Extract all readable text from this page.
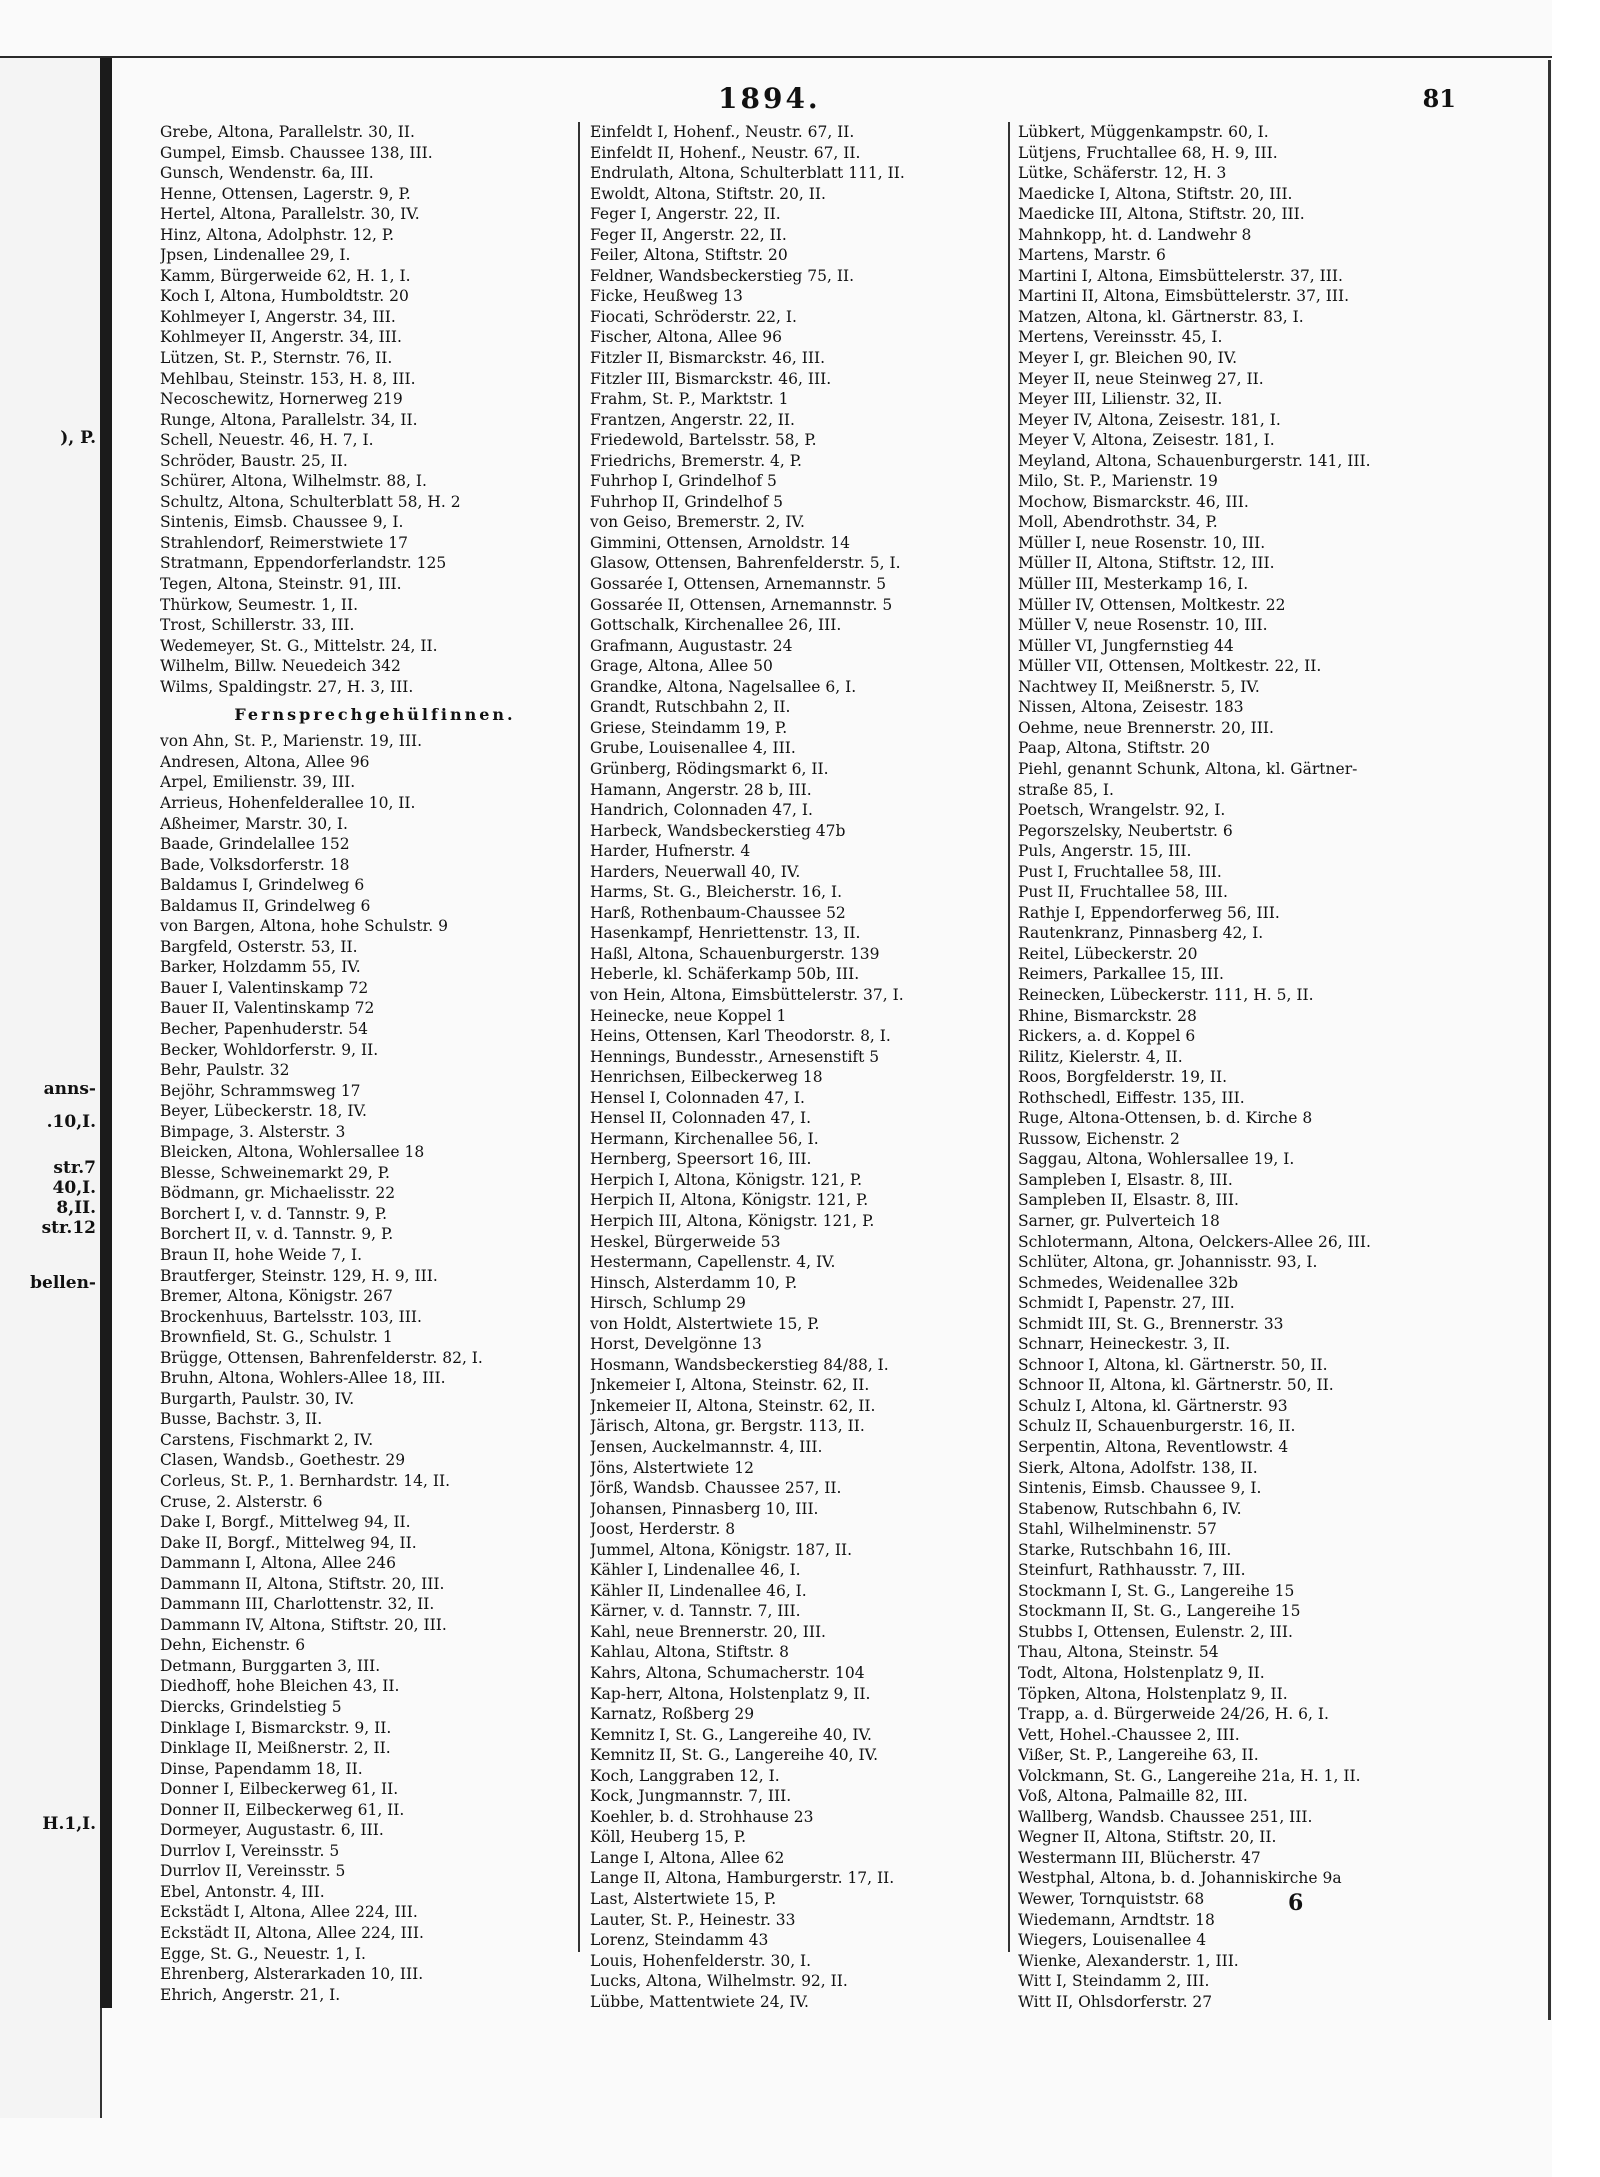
), P.
anns-
.10,I.
str.7
40,I.
8,II.
str.12
bellen-
H.1,I.
1894.	81
Grebe, Altona, Parallelstr. 30, II.
Gumpel, Eimsb. Chaussee 138, III.
Gunsch, Wendenstr. 6a, III.
Henne, Ottensen, Lagerstr. 9, P.
Hertel, Altona, Parallelstr. 30, IV.
Hinz, Altona, Adolphstr. 12, P.
Jpsen, Lindenallee 29, I.
Kamm, Bürgerweide 62, H. 1, I.
Koch I, Altona, Humboldtstr. 20
Kohlmeyer I, Angerstr. 34, III.
Kohlmeyer II, Angerstr. 34, III.
Lützen, St. P., Sternstr. 76, II.
Mehlbau, Steinstr. 153, H. 8, III.
Necoschewitz, Hornerweg 219
Runge, Altona, Parallelstr. 34, II.
Schell, Neuestr. 46, H. 7, I.
Schröder, Baustr. 25, II.
Schürer, Altona, Wilhelmstr. 88, I.
Schultz, Altona, Schulterblatt 58, H. 2
Sintenis, Eimsb. Chaussee 9, I.
Strahlendorf, Reimerstwiete 17
Stratmann, Eppendorferlandstr. 125
Tegen, Altona, Steinstr. 91, III.
Thürkow, Seumestr. 1, II.
Trost, Schillerstr. 33, III.
Wedemeyer, St. G., Mittelstr. 24, II.
Wilhelm, Billw. Neuedeich 342
Wilms, Spaldingstr. 27, H. 3, III.
Fernsprechgehülfinnen.
von Ahn, St. P., Marienstr. 19, III.
Andresen, Altona, Allee 96
Arpel, Emilienstr. 39, III.
Arrieus, Hohenfelderallee 10, II.
Aßheimer, Marstr. 30, I.
Baade, Grindelallee 152
Bade, Volksdorferstr. 18
Baldamus I, Grindelweg 6
Baldamus II, Grindelweg 6
von Bargen, Altona, hohe Schulstr. 9
Bargfeld, Osterstr. 53, II.
Barker, Holzdamm 55, IV.
Bauer I, Valentinskamp 72
Bauer II, Valentinskamp 72
Becher, Papenhuderstr. 54
Becker, Wohldorferstr. 9, II.
Behr, Paulstr. 32
Bejöhr, Schrammsweg 17
Beyer, Lübeckerstr. 18, IV.
Bimpage, 3. Alsterstr. 3
Bleicken, Altona, Wohlersallee 18
Blesse, Schweinemarkt 29, P.
Bödmann, gr. Michaelisstr. 22
Borchert I, v. d. Tannstr. 9, P.
Borchert II, v. d. Tannstr. 9, P.
Braun II, hohe Weide 7, I.
Brautferger, Steinstr. 129, H. 9, III.
Bremer, Altona, Königstr. 267
Brockenhuus, Bartelsstr. 103, III.
Brownfield, St. G., Schulstr. 1
Brügge, Ottensen, Bahrenfelderstr. 82, I.
Bruhn, Altona, Wohlers-Allee 18, III.
Burgarth, Paulstr. 30, IV.
Busse, Bachstr. 3, II.
Carstens, Fischmarkt 2, IV.
Clasen, Wandsb., Goethestr. 29
Corleus, St. P., 1. Bernhardstr. 14, II.
Cruse, 2. Alsterstr. 6
Dake I, Borgf., Mittelweg 94, II.
Dake II, Borgf., Mittelweg 94, II.
Dammann I, Altona, Allee 246
Dammann II, Altona, Stiftstr. 20, III.
Dammann III, Charlottenstr. 32, II.
Dammann IV, Altona, Stiftstr. 20, III.
Dehn, Eichenstr. 6
Detmann, Burggarten 3, III.
Diedhoff, hohe Bleichen 43, II.
Diercks, Grindelstieg 5
Dinklage I, Bismarckstr. 9, II.
Dinklage II, Meißnerstr. 2, II.
Dinse, Papendamm 18, II.
Donner I, Eilbeckerweg 61, II.
Donner II, Eilbeckerweg 61, II.
Dormeyer, Augustastr. 6, III.
Durrlov I, Vereinsstr. 5
Durrlov II, Vereinsstr. 5
Ebel, Antonstr. 4, III.
Eckstädt I, Altona, Allee 224, III.
Eckstädt II, Altona, Allee 224, III.
Egge, St. G., Neuestr. 1, I.
Ehrenberg, Alsterarkaden 10, III.
Ehrich, Angerstr. 21, I.
Einfeldt I, Hohenf., Neustr. 67, II.
Einfeldt II, Hohenf., Neustr. 67, II.
Endrulath, Altona, Schulterblatt 111, II.
Ewoldt, Altona, Stiftstr. 20, II.
Feger I, Angerstr. 22, II.
Feger II, Angerstr. 22, II.
Feiler, Altona, Stiftstr. 20
Feldner, Wandsbeckerstieg 75, II.
Ficke, Heußweg 13
Fiocati, Schröderstr. 22, I.
Fischer, Altona, Allee 96
Fitzler II, Bismarckstr. 46, III.
Fitzler III, Bismarckstr. 46, III.
Frahm, St. P., Marktstr. 1
Frantzen, Angerstr. 22, II.
Friedewold, Bartelsstr. 58, P.
Friedrichs, Bremerstr. 4, P.
Fuhrhop I, Grindelhof 5
Fuhrhop II, Grindelhof 5
von Geiso, Bremerstr. 2, IV.
Gimmini, Ottensen, Arnoldstr. 14
Glasow, Ottensen, Bahrenfelderstr. 5, I.
Gossarée I, Ottensen, Arnemannstr. 5
Gossarée II, Ottensen, Arnemannstr. 5
Gottschalk, Kirchenallee 26, III.
Grafmann, Augustastr. 24
Grage, Altona, Allee 50
Grandke, Altona, Nagelsallee 6, I.
Grandt, Rutschbahn 2, II.
Griese, Steindamm 19, P.
Grube, Louisenallee 4, III.
Grünberg, Rödingsmarkt 6, II.
Hamann, Angerstr. 28 b, III.
Handrich, Colonnaden 47, I.
Harbeck, Wandsbeckerstieg 47b
Harder, Hufnerstr. 4
Harders, Neuerwall 40, IV.
Harms, St. G., Bleicherstr. 16, I.
Harß, Rothenbaum-Chaussee 52
Hasenkampf, Henriettenstr. 13, II.
Haßl, Altona, Schauenburgerstr. 139
Heberle, kl. Schäferkamp 50b, III.
von Hein, Altona, Eimsbüttelerstr. 37, I.
Heinecke, neue Koppel 1
Heins, Ottensen, Karl Theodorstr. 8, I.
Hennings, Bundesstr., Arnesenstift 5
Henrichsen, Eilbeckerweg 18
Hensel I, Colonnaden 47, I.
Hensel II, Colonnaden 47, I.
Hermann, Kirchenallee 56, I.
Hernberg, Speersort 16, III.
Herpich I, Altona, Königstr. 121, P.
Herpich II, Altona, Königstr. 121, P.
Herpich III, Altona, Königstr. 121, P.
Heskel, Bürgerweide 53
Hestermann, Capellenstr. 4, IV.
Hinsch, Alsterdamm 10, P.
Hirsch, Schlump 29
von Holdt, Alstertwiete 15, P.
Horst, Develgönne 13
Hosmann, Wandsbeckerstieg 84/88, I.
Jnkemeier I, Altona, Steinstr. 62, II.
Jnkemeier II, Altona, Steinstr. 62, II.
Järisch, Altona, gr. Bergstr. 113, II.
Jensen, Auckelmannstr. 4, III.
Jöns, Alstertwiete 12
Jörß, Wandsb. Chaussee 257, II.
Johansen, Pinnasberg 10, III.
Joost, Herderstr. 8
Jummel, Altona, Königstr. 187, II.
Kähler I, Lindenallee 46, I.
Kähler II, Lindenallee 46, I.
Kärner, v. d. Tannstr. 7, III.
Kahl, neue Brennerstr. 20, III.
Kahlau, Altona, Stiftstr. 8
Kahrs, Altona, Schumacherstr. 104
Kap-herr, Altona, Holstenplatz 9, II.
Karnatz, Roßberg 29
Kemnitz I, St. G., Langereihe 40, IV.
Kemnitz II, St. G., Langereihe 40, IV.
Koch, Langgraben 12, I.
Kock, Jungmannstr. 7, III.
Koehler, b. d. Strohhause 23
Köll, Heuberg 15, P.
Lange I, Altona, Allee 62
Lange II, Altona, Hamburgerstr. 17, II.
Last, Alstertwiete 15, P.
Lauter, St. P., Heinestr. 33
Lorenz, Steindamm 43
Louis, Hohenfelderstr. 30, I.
Lucks, Altona, Wilhelmstr. 92, II.
Lübbe, Mattentwiete 24, IV.
Lübkert, Müggenkampstr. 60, I.
Lütjens, Fruchtallee 68, H. 9, III.
Lütke, Schäferstr. 12, H. 3
Maedicke I, Altona, Stiftstr. 20, III.
Maedicke III, Altona, Stiftstr. 20, III.
Mahnkopp, ht. d. Landwehr 8
Martens, Marstr. 6
Martini I, Altona, Eimsbüttelerstr. 37, III.
Martini II, Altona, Eimsbüttelerstr. 37, III.
Matzen, Altona, kl. Gärtnerstr. 83, I.
Mertens, Vereinsstr. 45, I.
Meyer I, gr. Bleichen 90, IV.
Meyer II, neue Steinweg 27, II.
Meyer III, Lilienstr. 32, II.
Meyer IV, Altona, Zeisestr. 181, I.
Meyer V, Altona, Zeisestr. 181, I.
Meyland, Altona, Schauenburgerstr. 141, III.
Milo, St. P., Marienstr. 19
Mochow, Bismarckstr. 46, III.
Moll, Abendrothstr. 34, P.
Müller I, neue Rosenstr. 10, III.
Müller II, Altona, Stiftstr. 12, III.
Müller III, Mesterkamp 16, I.
Müller IV, Ottensen, Moltkestr. 22
Müller V, neue Rosenstr. 10, III.
Müller VI, Jungfernstieg 44
Müller VII, Ottensen, Moltkestr. 22, II.
Nachtwey II, Meißnerstr. 5, IV.
Nissen, Altona, Zeisestr. 183
Oehme, neue Brennerstr. 20, III.
Paap, Altona, Stiftstr. 20
Piehl, genannt Schunk, Altona, kl. Gärtner-
straße 85, I.
Poetsch, Wrangelstr. 92, I.
Pegorszelsky, Neubertstr. 6
Puls, Angerstr. 15, III.
Pust I, Fruchtallee 58, III.
Pust II, Fruchtallee 58, III.
Rathje I, Eppendorferweg 56, III.
Rautenkranz, Pinnasberg 42, I.
Reitel, Lübeckerstr. 20
Reimers, Parkallee 15, III.
Reinecken, Lübeckerstr. 111, H. 5, II.
Rhine, Bismarckstr. 28
Rickers, a. d. Koppel 6
Rilitz, Kielerstr. 4, II.
Roos, Borgfelderstr. 19, II.
Rothschedl, Eiffestr. 135, III.
Ruge, Altona-Ottensen, b. d. Kirche 8
Russow, Eichenstr. 2
Saggau, Altona, Wohlersallee 19, I.
Sampleben I, Elsastr. 8, III.
Sampleben II, Elsastr. 8, III.
Sarner, gr. Pulverteich 18
Schlotermann, Altona, Oelckers-Allee 26, III.
Schlüter, Altona, gr. Johannisstr. 93, I.
Schmedes, Weidenallee 32b
Schmidt I, Papenstr. 27, III.
Schmidt III, St. G., Brennerstr. 33
Schnarr, Heineckestr. 3, II.
Schnoor I, Altona, kl. Gärtnerstr. 50, II.
Schnoor II, Altona, kl. Gärtnerstr. 50, II.
Schulz I, Altona, kl. Gärtnerstr. 93
Schulz II, Schauenburgerstr. 16, II.
Serpentin, Altona, Reventlowstr. 4
Sierk, Altona, Adolfstr. 138, II.
Sintenis, Eimsb. Chaussee 9, I.
Stabenow, Rutschbahn 6, IV.
Stahl, Wilhelminenstr. 57
Starke, Rutschbahn 16, III.
Steinfurt, Rathhausstr. 7, III.
Stockmann I, St. G., Langereihe 15
Stockmann II, St. G., Langereihe 15
Stubbs I, Ottensen, Eulenstr. 2, III.
Thau, Altona, Steinstr. 54
Todt, Altona, Holstenplatz 9, II.
Töpken, Altona, Holstenplatz 9, II.
Trapp, a. d. Bürgerweide 24/26, H. 6, I.
Vett, Hohel.-Chaussee 2, III.
Vißer, St. P., Langereihe 63, II.
Volckmann, St. G., Langereihe 21a, H. 1, II.
Voß, Altona, Palmaille 82, III.
Wallberg, Wandsb. Chaussee 251, III.
Wegner II, Altona, Stiftstr. 20, II.
Westermann III, Blücherstr. 47
Westphal, Altona, b. d. Johanniskirche 9a
Wewer, Tornquiststr. 68
Wiedemann, Arndtstr. 18
Wiegers, Louisenallee 4
Wienke, Alexanderstr. 1, III.
Witt I, Steindamm 2, III.
Witt II, Ohlsdorferstr. 27
6
